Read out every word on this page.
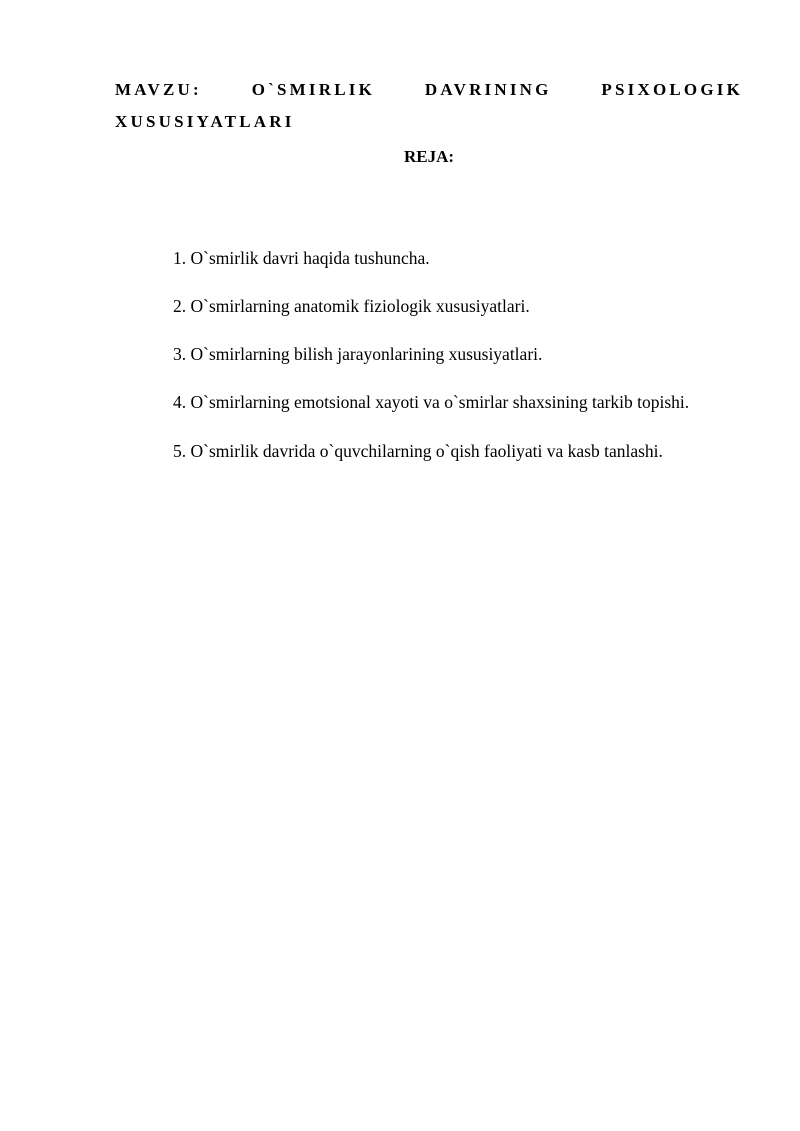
MAVZU: O`SMIRLIK DAVRINING PSIXOLOGIK

XUSUSIYATLARI

REJA:

1. O`smirlik davri haqida tushuncha.
2. O`smirlarning anatomik fiziologik xususiyatlari.
3. O`smirlarning bilish jarayonlarining xususiyatlari.
4. O`smirlarning emotsional xayoti va o`smirlar shaxsining tarkib topishi.
5. O`smirlik davrida o`quvchilarning o`qish faoliyati va kasb tanlashi.
